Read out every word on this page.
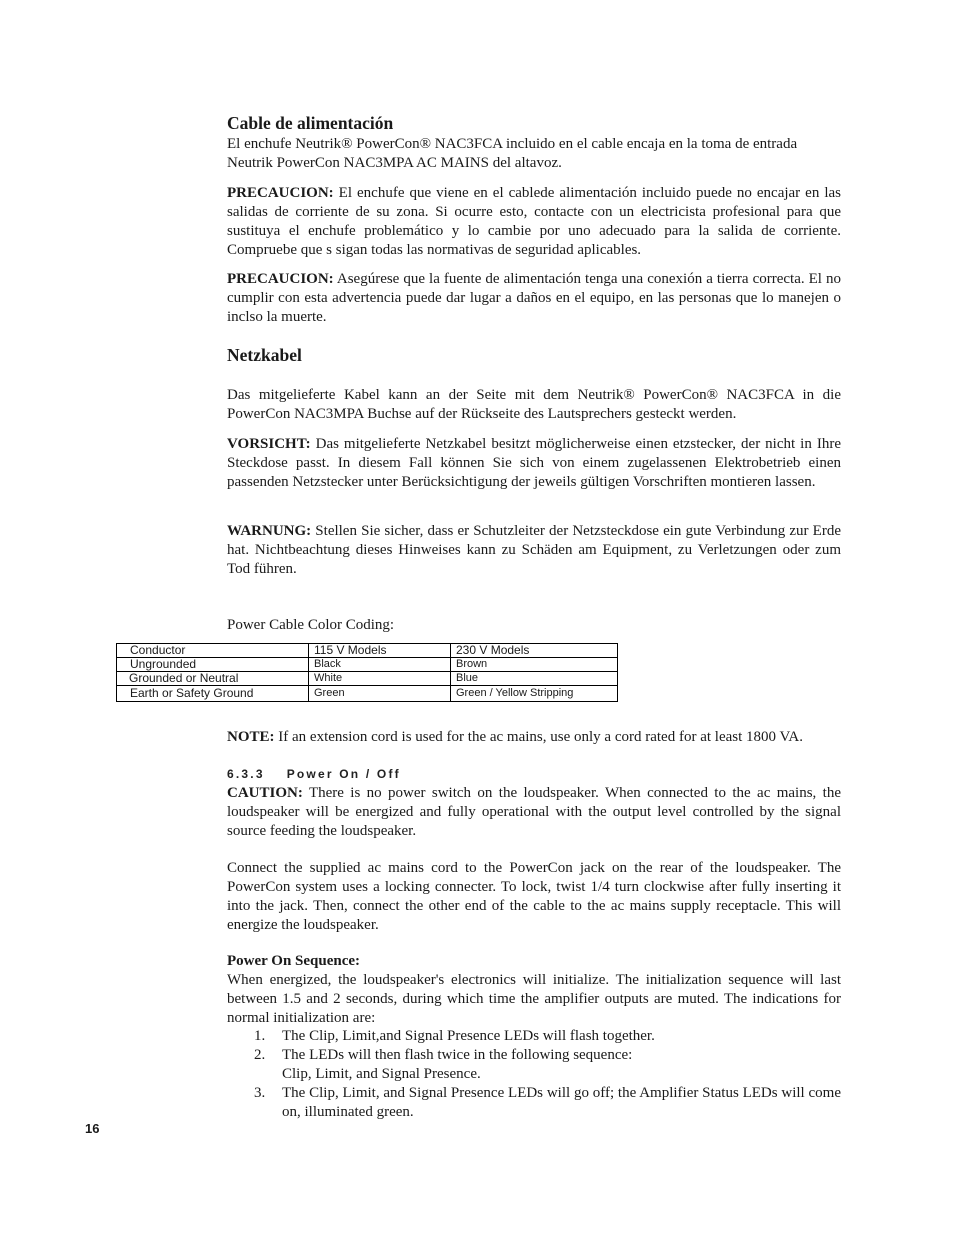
Cable de alimentación

El enchufe Neutrik® PowerCon® NAC3FCA incluido en el cable encaja en la toma de entrada Neutrik PowerCon NAC3MPA AC MAINS del altavoz.

PRECAUCION: El enchufe que viene en el cablede alimentación incluido puede no encajar en las salidas de corriente de su zona. Si ocurre esto, contacte con un electricista profesional para que sustituya el enchufe problemático y lo cambie por uno adecuado para la salida de corriente. Compruebe que s sigan todas las normativas de seguridad aplicables.

PRECAUCION: Asegúrese que la fuente de alimentación tenga una conexión a tierra correcta. El no cumplir con esta advertencia puede dar lugar a daños en el equipo, en las personas que lo manejen o inclso la muerte.

Netzkabel

Das mitgelieferte Kabel kann an der Seite mit dem Neutrik® PowerCon® NAC3FCA in die PowerCon NAC3MPA Buchse auf der Rückseite des Lautsprechers gesteckt werden.

VORSICHT: Das mitgelieferte Netzkabel besitzt möglicherweise einen etzstecker, der nicht in Ihre Steckdose passt. In diesem Fall können Sie sich von einem zugelassenen Elektrobetrieb einen passenden Netzstecker unter Berücksichtigung der jeweils gültigen Vorschriften montieren lassen.

WARNUNG: Stellen Sie sicher, dass er Schutzleiter der Netzsteckdose ein gute Verbindung zur Erde hat. Nichtbeachtung dieses Hinweises kann zu Schäden am Equipment, zu Verletzungen oder zum Tod führen.

Power Cable Color Coding:

Conductor	115 V Models	230 V Models
Ungrounded	Black	Brown
Grounded or Neutral	White	Blue
Earth or Safety Ground	Green	Green / Yellow Stripping

NOTE: If an extension cord is used for the ac mains, use only a cord rated for at least 1800 VA.

6.3.3 Power On / Off

CAUTION: There is no power switch on the loudspeaker. When connected to the ac mains, the loudspeaker will be energized and fully operational with the output level controlled by the signal source feeding the loudspeaker.

Connect the supplied ac mains cord to the PowerCon jack on the rear of the loudspeaker. The PowerCon system uses a locking connecter. To lock, twist 1/4 turn clockwise after fully inserting it into the jack. Then, connect the other end of the cable to the ac mains supply receptacle. This will energize the loudspeaker.

Power On Sequence:

When energized, the loudspeaker's electronics will initialize. The initialization sequence will last between 1.5 and 2 seconds, during which time the amplifier outputs are muted. The indications for normal initialization are:

1. The Clip, Limit,and Signal Presence LEDs will flash together.
2. The LEDs will then flash twice in the following sequence:
Clip, Limit, and Signal Presence.
3. The Clip, Limit, and Signal Presence LEDs will go off; the Amplifier Status LEDs will come on, illuminated green.
16
